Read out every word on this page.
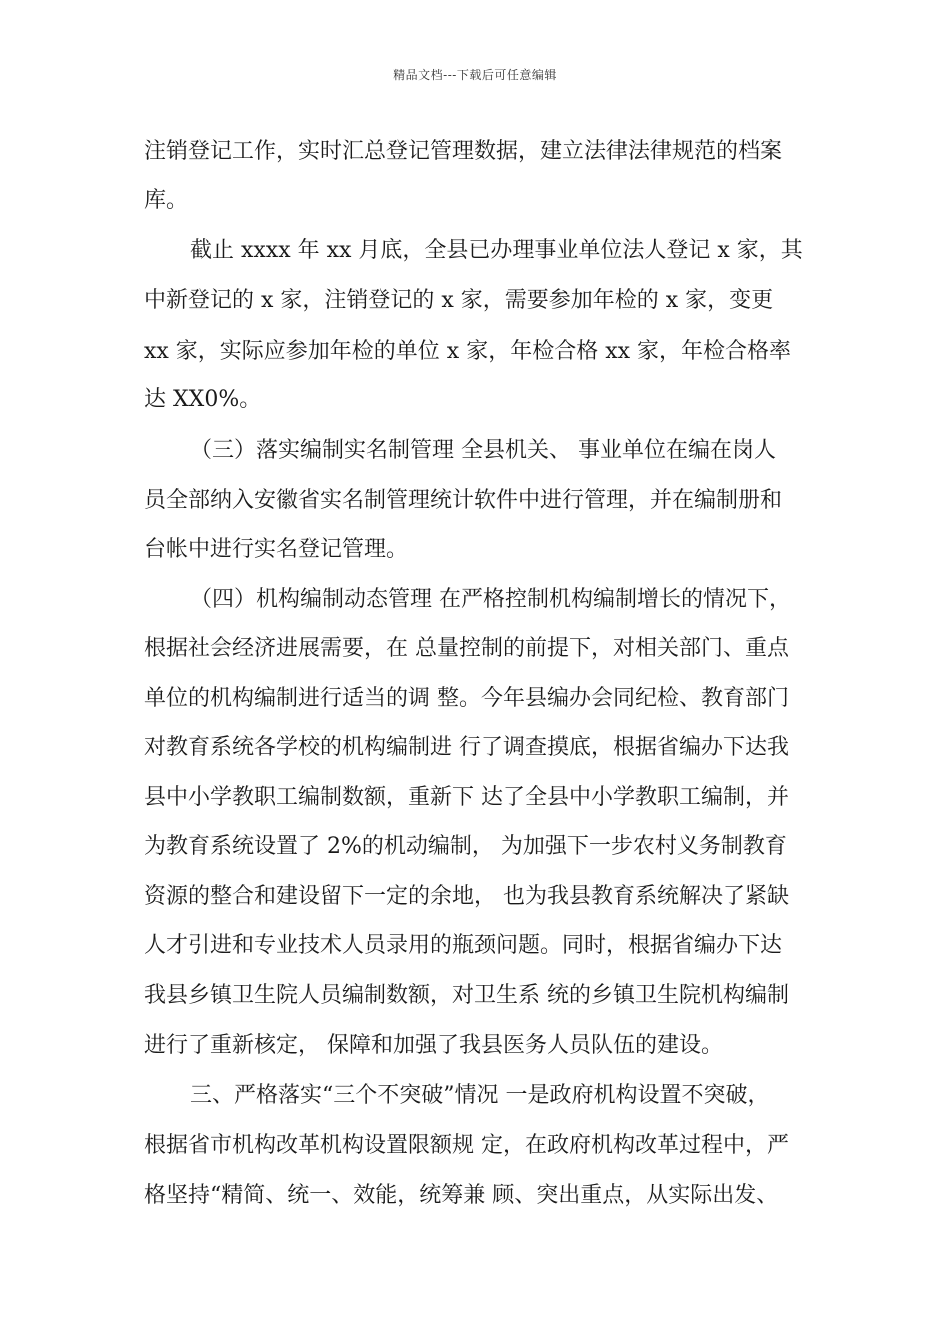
精品文档---下载后可任意编辑
注销登记工作，实时汇总登记管理数据，建立法律法律规范的档案
库。
截止 xxxx 年 xx 月底，全县已办理事业单位法人登记 x 家，其
中新登记的 x 家，注销登记的 x 家，需要参加年检的 x 家，变更
xx 家，实际应参加年检的单位 x 家，年检合格 xx 家，年检合格率
达 XX0%。
（三）落实编制实名制管理 全县机关、 事业单位在编在岗人
员全部纳入安徽省实名制管理统计软件中进行管理，并在编制册和
台帐中进行实名登记管理。
（四）机构编制动态管理 在严格控制机构编制增长的情况下，
根据社会经济进展需要，在 总量控制的前提下，对相关部门、重点
单位的机构编制进行适当的调 整。今年县编办会同纪检、教育部门
对教育系统各学校的机构编制进 行了调查摸底，根据省编办下达我
县中小学教职工编制数额，重新下 达了全县中小学教职工编制，并
为教育系统设置了 2%的机动编制， 为加强下一步农村义务制教育
资源的整合和建设留下一定的余地， 也为我县教育系统解决了紧缺
人才引进和专业技术人员录用的瓶颈问题。同时，根据省编办下达
我县乡镇卫生院人员编制数额，对卫生系 统的乡镇卫生院机构编制
进行了重新核定， 保障和加强了我县医务人员队伍的建设。
三、严格落实“三个不突破”情况 一是政府机构设置不突破，
根据省市机构改革机构设置限额规 定，在政府机构改革过程中，严
格坚持“精简、统一、效能，统筹兼 顾、突出重点，从实际出发、
